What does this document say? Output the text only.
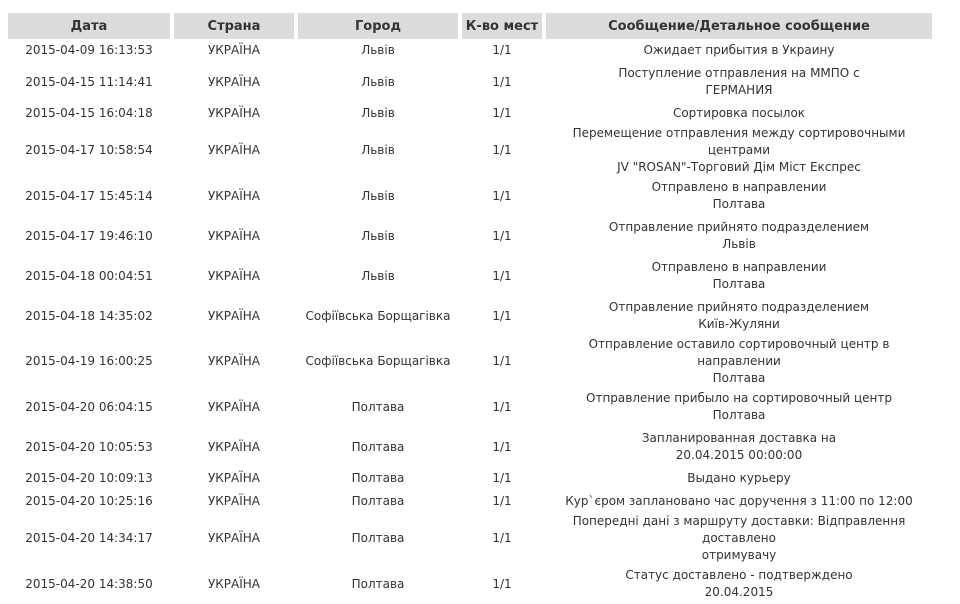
Дата	Страна	Город	К-во мест	Сообщение/Детальное сообщение
2015-04-09 16:13:53	УКРАЇНА	Львів	1/1	Ожидает прибытия в Украину

2015-04-15 11:14:41	УКРАЇНА	Львів	1/1	Поступление отправления на ММПО с
ГЕРМАНИЯ

2015-04-15 16:04:18	УКРАЇНА	Львів	1/1	Сортировка посылок

2015-04-17 10:58:54	УКРАЇНА	Львів	1/1	Перемещение отправления между сортировочными центрами
JV "ROSAN"-Торговий Дім Міст Експрес

2015-04-17 15:45:14	УКРАЇНА	Львів	1/1	Отправлено в направлении
Полтава

2015-04-17 19:46:10	УКРАЇНА	Львів	1/1	Отправление прийнято подразделением
Львів

2015-04-18 00:04:51	УКРАЇНА	Львів	1/1	Отправлено в направлении
Полтава

2015-04-18 14:35:02	УКРАЇНА	Софіївська Борщагівка	1/1	Отправление прийнято подразделением
Київ-Жуляни

2015-04-19 16:00:25	УКРАЇНА	Софіївська Борщагівка	1/1	Отправление оставило сортировочный центр в направлении
Полтава

2015-04-20 06:04:15	УКРАЇНА	Полтава	1/1	Отправление прибыло на сортировочный центр
Полтава

2015-04-20 10:05:53	УКРАЇНА	Полтава	1/1	Запланированная доставка на
20.04.2015 00:00:00

2015-04-20 10:09:13	УКРАЇНА	Полтава	1/1	Выдано курьеру

2015-04-20 10:25:16	УКРАЇНА	Полтава	1/1	Кур`єром заплановано час доручення з 11:00 по 12:00

2015-04-20 14:34:17	УКРАЇНА	Полтава	1/1	Попередні дані з маршруту доставки: Відправлення доставлено
отримувачу

2015-04-20 14:38:50	УКРАЇНА	Полтава	1/1	Статус доставлено - подтверждено
20.04.2015
